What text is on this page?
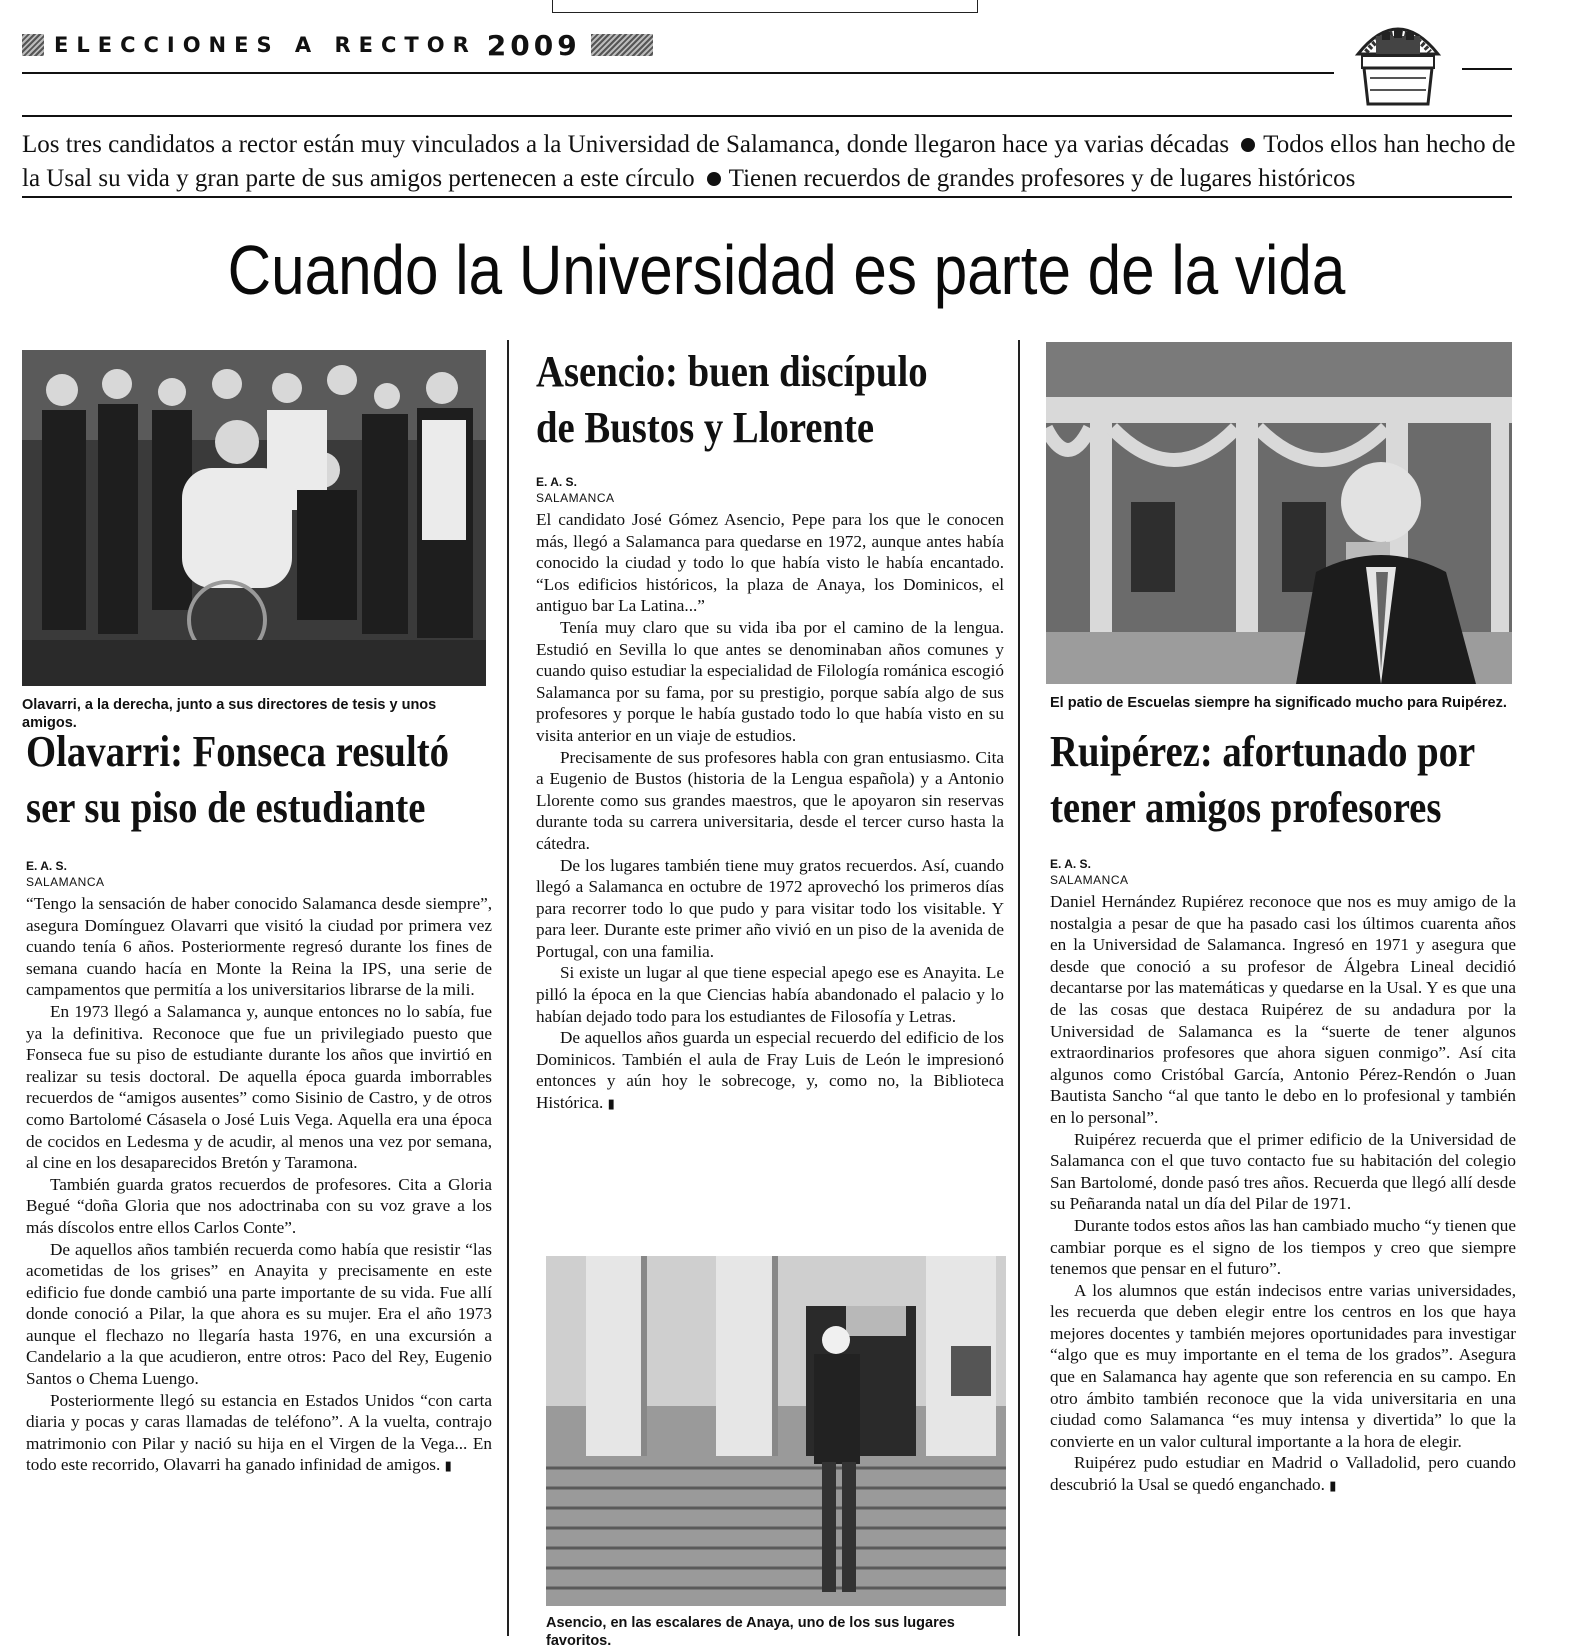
ELECCIONES A RECTOR 2009
Los tres candidatos a rector están muy vinculados a la Universidad de Salamanca, donde llegaron hace ya varias décadas Todos ellos han hecho de la Usal su vida y gran parte de sus amigos pertenecen a este círculo Tienen recuerdos de grandes profesores y de lugares históricos
Cuando la Universidad es parte de la vida
Olavarri, a la derecha, junto a sus directores de tesis y unos amigos.
Olavarri: Fonseca resultó
ser su piso de estudiante
E. A. S.
SALAMANCA

“Tengo la sensación de haber conocido Salamanca desde siempre”, asegura Domínguez Olavarri que visitó la ciudad por primera vez cuando tenía 6 años. Posteriormente regresó durante los fines de semana cuando hacía en Monte la Reina la IPS, una serie de campamentos que permitía a los universitarios librarse de la mili.

En 1973 llegó a Salamanca y, aunque entonces no lo sabía, fue ya la definitiva. Reconoce que fue un privilegiado puesto que Fonseca fue su piso de estudiante durante los años que invirtió en realizar su tesis doctoral. De aquella época guarda imborrables recuerdos de “amigos ausentes” como Sisinio de Castro, y de otros como Bartolomé Cásasela o José Luis Vega. Aquella era una época de cocidos en Ledesma y de acudir, al menos una vez por semana, al cine en los desaparecidos Bretón y Taramona.

También guarda gratos recuerdos de profesores. Cita a Gloria Begué “doña Gloria que nos adoctrinaba con su voz grave a los más díscolos entre ellos Carlos Conte”.

De aquellos años también recuerda como había que resistir “las acometidas de los grises” en Anayita y precisamente en este edificio fue donde cambió una parte importante de su vida. Fue allí donde conoció a Pilar, la que ahora es su mujer. Era el año 1973 aunque el flechazo no llegaría hasta 1976, en una excursión a Candelario a la que acudieron, entre otros: Paco del Rey, Eugenio Santos o Chema Luengo.

Posteriormente llegó su estancia en Estados Unidos “con carta diaria y pocas y caras llamadas de teléfono”. A la vuelta, contrajo matrimonio con Pilar y nació su hija en el Virgen de la Vega... En todo este recorrido, Olavarri ha ganado infinidad de amigos. ▮

Asencio: buen discípulo
de Bustos y Llorente
E. A. S.
SALAMANCA

El candidato José Gómez Asencio, Pepe para los que le conocen más, llegó a Salamanca para quedarse en 1972, aunque antes había conocido la ciudad y todo lo que había visto le había encantado. “Los edificios históricos, la plaza de Anaya, los Dominicos, el antiguo bar La Latina...”

Tenía muy claro que su vida iba por el camino de la lengua. Estudió en Sevilla lo que antes se denominaban años comunes y cuando quiso estudiar la especialidad de Filología románica escogió Salamanca por su fama, por su prestigio, porque sabía algo de sus profesores y porque le había gustado todo lo que había visto en su visita anterior en un viaje de estudios.

Precisamente de sus profesores habla con gran entusiasmo. Cita a Eugenio de Bustos (historia de la Lengua española) y a Antonio Llorente como sus grandes maestros, que le apoyaron sin reservas durante toda su carrera universitaria, desde el tercer curso hasta la cátedra.

De los lugares también tiene muy gratos recuerdos. Así, cuando llegó a Salamanca en octubre de 1972 aprovechó los primeros días para recorrer todo lo que pudo y para visitar todo los visitable. Y para leer. Durante este primer año vivió en un piso de la avenida de Portugal, con una familia.

Si existe un lugar al que tiene especial apego ese es Anayita. Le pilló la época en la que Ciencias había abandonado el palacio y lo habían dejado todo para los estudiantes de Filosofía y Letras.

De aquellos años guarda un especial recuerdo del edificio de los Dominicos. También el aula de Fray Luis de León le impresionó entonces y aún hoy le sobrecoge, y, como no, la Biblioteca Histórica. ▮

Asencio, en las escalares de Anaya, uno de los sus lugares favoritos.
El patio de Escuelas siempre ha significado mucho para Ruipérez.
Ruipérez: afortunado por
tener amigos profesores
E. A. S.
SALAMANCA

Daniel Hernández Rupiérez reconoce que nos es muy amigo de la nostalgia a pesar de que ha pasado casi los últimos cuarenta años en la Universidad de Salamanca. Ingresó en 1971 y asegura que desde que conoció a su profesor de Álgebra Lineal decidió decantarse por las matemáticas y quedarse en la Usal. Y es que una de las cosas que destaca Ruipérez de su andadura por la Universidad de Salamanca es la “suerte de tener algunos extraordinarios profesores que ahora siguen conmigo”. Así cita algunos como Cristóbal García, Antonio Pérez-Rendón o Juan Bautista Sancho “al que tanto le debo en lo profesional y también en lo personal”.

Ruipérez recuerda que el primer edificio de la Universidad de Salamanca con el que tuvo contacto fue su habitación del colegio San Bartolomé, donde pasó tres años. Recuerda que llegó allí desde su Peñaranda natal un día del Pilar de 1971.

Durante todos estos años las han cambiado mucho “y tienen que cambiar porque es el signo de los tiempos y creo que siempre tenemos que pensar en el futuro”.

A los alumnos que están indecisos entre varias universidades, les recuerda que deben elegir entre los centros en los que haya mejores docentes y también mejores oportunidades para investigar “algo que es muy importante en el tema de los grados”. Asegura que en Salamanca hay agente que son referencia en su campo. En otro ámbito también reconoce que la vida universitaria en una ciudad como Salamanca “es muy intensa y divertida” lo que la convierte en un valor cultural importante a la hora de elegir.

Ruipérez pudo estudiar en Madrid o Valladolid, pero cuando descubrió la Usal se quedó enganchado. ▮
